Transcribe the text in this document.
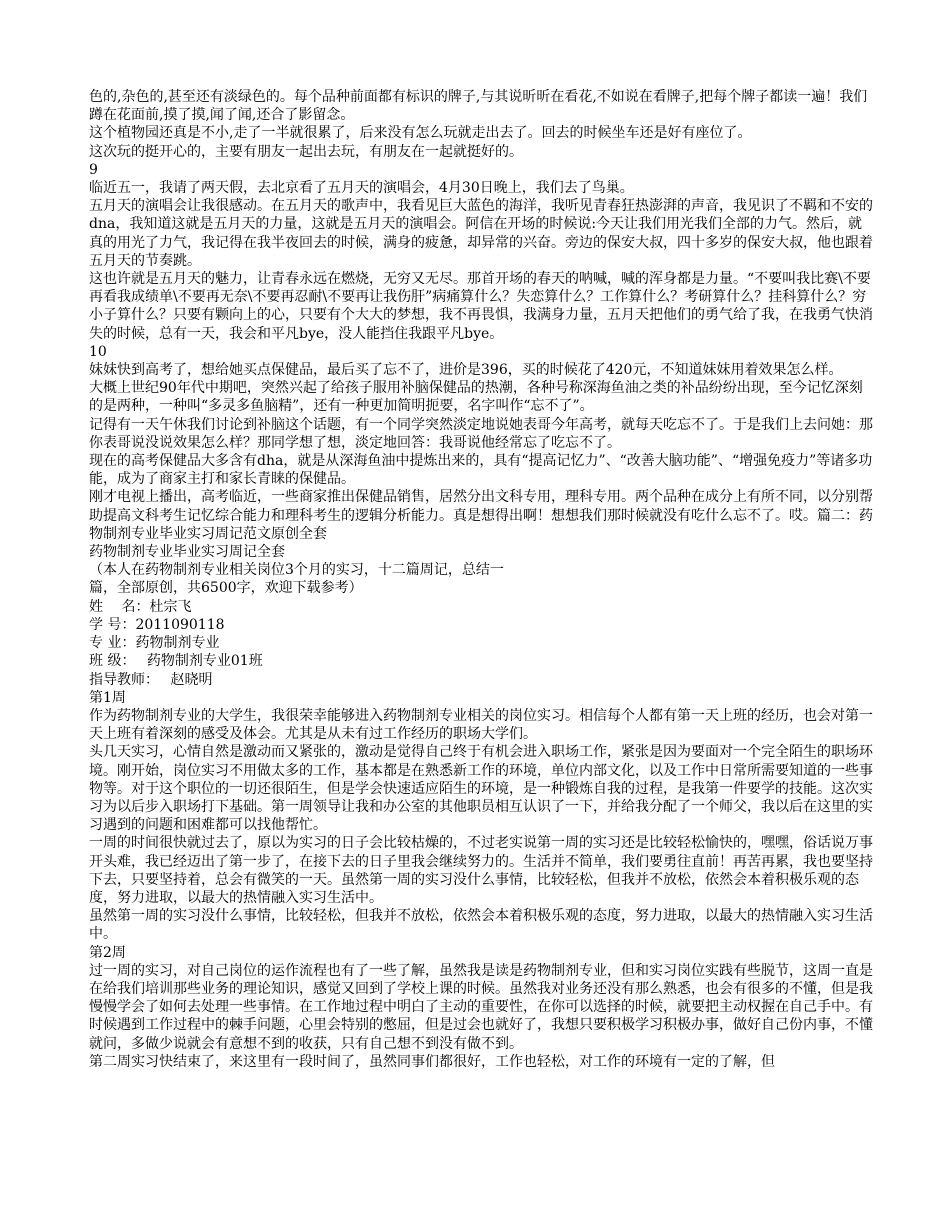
色的,杂色的,甚至还有淡绿色的。每个品种前面都有标识的牌子,与其说昕昕在看花,不如说在看牌子,把每个牌子都读一遍！我们蹲在花面前,摸了摸,闻了闻,还合了影留念。

这个植物园还真是不小,走了一半就很累了，后来没有怎么玩就走出去了。回去的时候坐车还是好有座位了。

这次玩的挺开心的，主要有朋友一起出去玩，有朋友在一起就挺好的。

9

临近五一，我请了两天假，去北京看了五月天的演唱会，4月30日晚上，我们去了鸟巢。

五月天的演唱会让我很感动。在五月天的歌声中，我看见巨大蓝色的海洋，我听见青春狂热澎湃的声音，我见识了不羁和不安的dna，我知道这就是五月天的力量，这就是五月天的演唱会。阿信在开场的时候说:今天让我们用光我们全部的力气。然后，就真的用光了力气，我记得在我半夜回去的时候，满身的疲惫，却异常的兴奋。旁边的保安大叔，四十多岁的保安大叔，他也跟着五月天的节奏跳。

这也许就是五月天的魅力，让青春永远在燃烧，无穷又无尽。那首开场的春天的呐喊，喊的浑身都是力量。“不要叫我比赛\不要再看我成绩单\不要再无奈\不要再忍耐\不要再让我伤肝”病痛算什么？失恋算什么？工作算什么？考研算什么？挂科算什么？穷小子算什么？只要有颗向上的心，只要有个大大的梦想，我不再畏惧，我满身力量，五月天把他们的勇气给了我，在我勇气快消失的时候，总有一天，我会和平凡bye，没人能挡住我跟平凡bye。

10

妹妹快到高考了，想给她买点保健品，最后买了忘不了，进价是396，买的时候花了420元，不知道妹妹用着效果怎么样。

大概上世纪90年代中期吧，突然兴起了给孩子服用补脑保健品的热潮，各种号称深海鱼油之类的补品纷纷出现，至今记忆深刻的是两种，一种叫“多灵多鱼脑精”，还有一种更加简明扼要，名字叫作“忘不了”。

记得有一天午休我们讨论到补脑这个话题，有一个同学突然淡定地说她表哥今年高考，就每天吃忘不了。于是我们上去问她：那你表哥说没说效果怎么样？那同学想了想，淡定地回答：我哥说他经常忘了吃忘不了。

现在的高考保健品大多含有dha，就是从深海鱼油中提炼出来的，具有“提高记忆力”、“改善大脑功能”、“增强免疫力”等诸多功能，成为了商家主打和家长青睐的保健品。

刚才电视上播出，高考临近，一些商家推出保健品销售，居然分出文科专用，理科专用。两个品种在成分上有所不同，以分别帮助提高文科考生记忆综合能力和理科考生的逻辑分析能力。真是想得出啊！想想我们那时候就没有吃什么忘不了。哎。篇二：药物制剂专业毕业实习周记范文原创全套

药物制剂专业毕业实习周记全套

（本人在药物制剂专业相关岗位3个月的实习，十二篇周记，总结一

篇，全部原创，共6500字，欢迎下载参考）

姓　 名：杜宗飞

学 号：2011090118

专 业：药物制剂专业

班 级：　 药物制剂专业01班

指导教师：　 赵晓明

第1周

作为药物制剂专业的大学生，我很荣幸能够进入药物制剂专业相关的岗位实习。相信每个人都有第一天上班的经历，也会对第一天上班有着深刻的感受及体会。尤其是从未有过工作经历的职场大学们。

头几天实习，心情自然是激动而又紧张的，激动是觉得自己终于有机会进入职场工作，紧张是因为要面对一个完全陌生的职场环境。刚开始，岗位实习不用做太多的工作，基本都是在熟悉新工作的环境，单位内部文化，以及工作中日常所需要知道的一些事物等。对于这个职位的一切还很陌生，但是学会快速适应陌生的环境，是一种锻炼自我的过程，是我第一件要学的技能。这次实习为以后步入职场打下基础。第一周领导让我和办公室的其他职员相互认识了一下，并给我分配了一个师父，我以后在这里的实习遇到的问题和困难都可以找他帮忙。

一周的时间很快就过去了，原以为实习的日子会比较枯燥的，不过老实说第一周的实习还是比较轻松愉快的，嘿嘿，俗话说万事开头难，我已经迈出了第一步了，在接下去的日子里我会继续努力的。生活并不简单，我们要勇往直前！再苦再累，我也要坚持下去，只要坚持着，总会有微笑的一天。虽然第一周的实习没什么事情，比较轻松，但我并不放松，依然会本着积极乐观的态度，努力进取，以最大的热情融入实习生活中。

虽然第一周的实习没什么事情，比较轻松，但我并不放松，依然会本着积极乐观的态度，努力进取，以最大的热情融入实习生活中。

第2周

过一周的实习，对自己岗位的运作流程也有了一些了解，虽然我是读是药物制剂专业，但和实习岗位实践有些脱节，这周一直是在给我们培训那些业务的理论知识，感觉又回到了学校上课的时候。虽然我对业务还没有那么熟悉，也会有很多的不懂，但是我慢慢学会了如何去处理一些事情。在工作地过程中明白了主动的重要性，在你可以选择的时候，就要把主动权握在自己手中。有时候遇到工作过程中的棘手问题，心里会特别的憋屈，但是过会也就好了，我想只要积极学习积极办事，做好自己份内事，不懂就问，多做少说就会有意想不到的收获，只有自己想不到没有做不到。

第二周实习快结束了，来这里有一段时间了，虽然同事们都很好，工作也轻松，对工作的环境有一定的了解，但
